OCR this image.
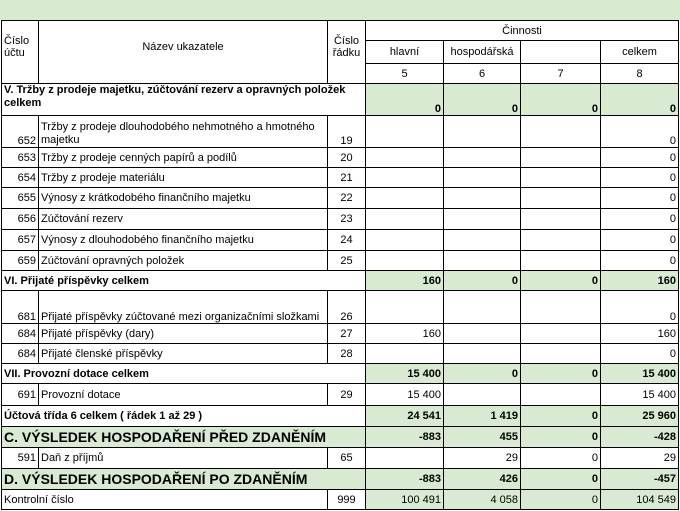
Číslo účtu	Název ukazatele	Číslo řádku	Činnosti			
			hlavní	hospodářská		celkem
			5	6	7	8
V. Tržby z prodeje majetku, zúčtování rezerv a opravných položek celkem			0	0	0	0
652	Tržby z prodeje dlouhodobého nehmotného a hmotného majetku	19				0
653	Tržby z prodeje cenných papírů a podílů	20				0
654	Tržby z prodeje materiálu	21				0
655	Výnosy z krátkodobého finančního majetku	22				0
656	Zúčtování rezerv	23				0
657	Výnosy z dlouhodobého finančního majetku	24				0
659	Zúčtování opravných položek	25				0
VI. Přijaté příspěvky celkem			160	0	0	160
681	Přijaté příspěvky zúčtované mezi organizačními složkami	26				0
684	Přijaté příspěvky (dary)	27	160			160
684	Přijaté členské příspěvky	28				0
VII. Provozní dotace celkem			15 400	0	0	15 400
691	Provozní dotace	29	15 400			15 400
Účtová třída 6 celkem ( řádek 1 až 29 )			24 541	1 419	0	25 960
C. VÝSLEDEK HOSPODAŘENÍ PŘED ZDANĚNÍM			-883	455	0	-428
591	Daň z příjmů	65		29	0	29
D. VÝSLEDEK HOSPODAŘENÍ PO ZDANĚNÍM			-883	426	0	-457
Kontrolní číslo		999	100 491	4 058	0	104 549
